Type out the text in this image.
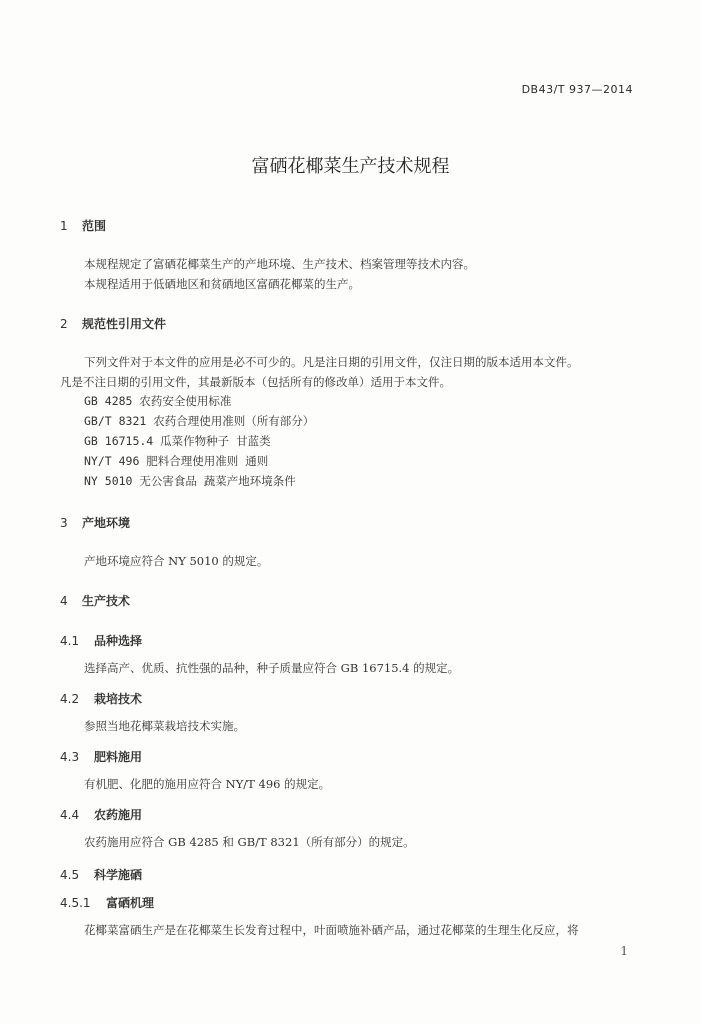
DB43/T 937—2014
富硒花椰菜生产技术规程
1 范围
本规程规定了富硒花椰菜生产的产地环境、生产技术、档案管理等技术内容。
本规程适用于低硒地区和贫硒地区富硒花椰菜的生产。
2 规范性引用文件
下列文件对于本文件的应用是必不可少的。凡是注日期的引用文件，仅注日期的版本适用本文件。
凡是不注日期的引用文件，其最新版本（包括所有的修改单）适用于本文件。
GB 4285 农药安全使用标准
GB/T 8321 农药合理使用准则（所有部分）
GB 16715.4 瓜菜作物种子 甘蓝类
NY/T 496 肥料合理使用准则 通则
NY 5010 无公害食品 蔬菜产地环境条件
3 产地环境
产地环境应符合 NY 5010 的规定。
4 生产技术
4.1 品种选择
选择高产、优质、抗性强的品种，种子质量应符合 GB 16715.4 的规定。
4.2 栽培技术
参照当地花椰菜栽培技术实施。
4.3 肥料施用
有机肥、化肥的施用应符合 NY/T 496 的规定。
4.4 农药施用
农药施用应符合 GB 4285 和 GB/T 8321（所有部分）的规定。
4.5 科学施硒
4.5.1 富硒机理
花椰菜富硒生产是在花椰菜生长发育过程中，叶面喷施补硒产品，通过花椰菜的生理生化反应，将
1
